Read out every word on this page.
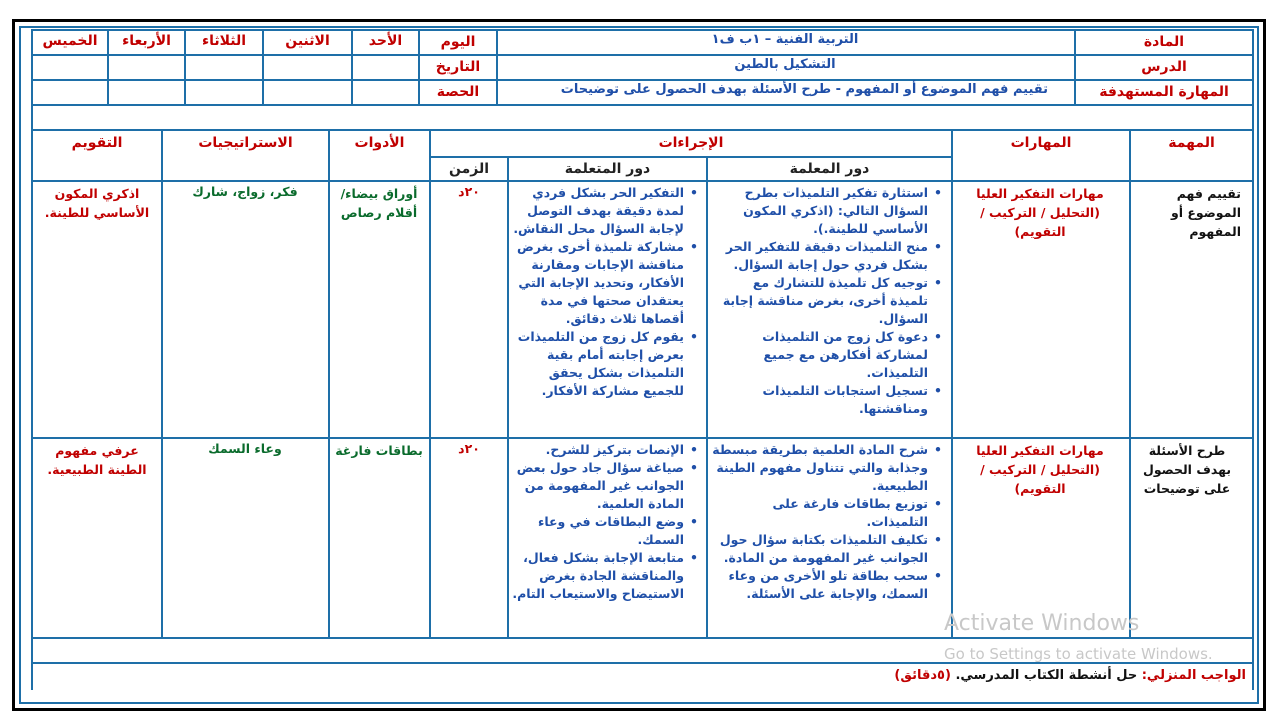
المادة
التربية الفنية – ١ب ف١
الدرس
التشكيل بالطين
المهارة المستهدفة
تقييم فهم الموضوع أو المفهوم - طرح الأسئلة بهدف الحصول على توضيحات
اليوم
التاريخ
الحصة
الأحد
الاثنين
الثلاثاء
الأربعاء
الخميس
المهمة
المهارات
الإجراءات
دور المعلمة
دور المتعلمة
الزمن
الأدوات
الاستراتيجيات
التقويم
تقييم فهم الموضوع أو المفهوم
مهارات التفكير العليا (التحليل / التركيب / التقويم)
• استثارة تفكير التلميذات بطرح السؤال التالي: (اذكري المكون الأساسي للطينة.).
• منح التلميذات دقيقة للتفكير الحر بشكل فردي حول إجابة السؤال.
• توجيه كل تلميذة للتشارك مع تلميذة أخرى، بغرض مناقشة إجابة السؤال.
• دعوة كل زوج من التلميذات لمشاركة أفكارهن مع جميع التلميذات.
• تسجيل استجابات التلميذات ومناقشتها.
• التفكير الحر بشكل فردي لمدة دقيقة بهدف التوصل لإجابة السؤال محل النقاش.
• مشاركة تلميذة أخرى بغرض مناقشة الإجابات ومقارنة الأفكار، وتحديد الإجابة التي يعتقدان صحتها في مدة أقصاها ثلاث دقائق.
• يقوم كل زوج من التلميذات بعرض إجابته أمام بقية التلميذات بشكل يحقق للجميع مشاركة الأفكار.
٢٠د
أوراق بيضاء/ أقلام رصاص
فكر، زواج، شارك
اذكري المكون الأساسي للطينة.
طرح الأسئلة بهدف الحصول على توضيحات
مهارات التفكير العليا (التحليل / التركيب / التقويم)
• شرح المادة العلمية بطريقة مبسطة وجذابة والتي تتناول مفهوم الطينة الطبيعية.
• توزيع بطاقات فارغة على التلميذات.
• تكليف التلميذات بكتابة سؤال حول الجوانب غير المفهومة من المادة.
• سحب بطاقة تلو الأخرى من وعاء السمك، والإجابة على الأسئلة.
• الإنصات بتركيز للشرح.
• صياغة سؤال جاد حول بعض الجوانب غير المفهومة من المادة العلمية.
• وضع البطاقات في وعاء السمك.
• متابعة الإجابة بشكل فعال، والمناقشة الجادة بغرض الاستيضاح والاستيعاب التام.
٢٠د
بطاقات فارغة
وعاء السمك
عرفي مفهوم الطينة الطبيعية.
الواجب المنزلي: حل أنشطة الكتاب المدرسي. (٥دقائق)
Activate Windows
Go to Settings to activate Windows.
